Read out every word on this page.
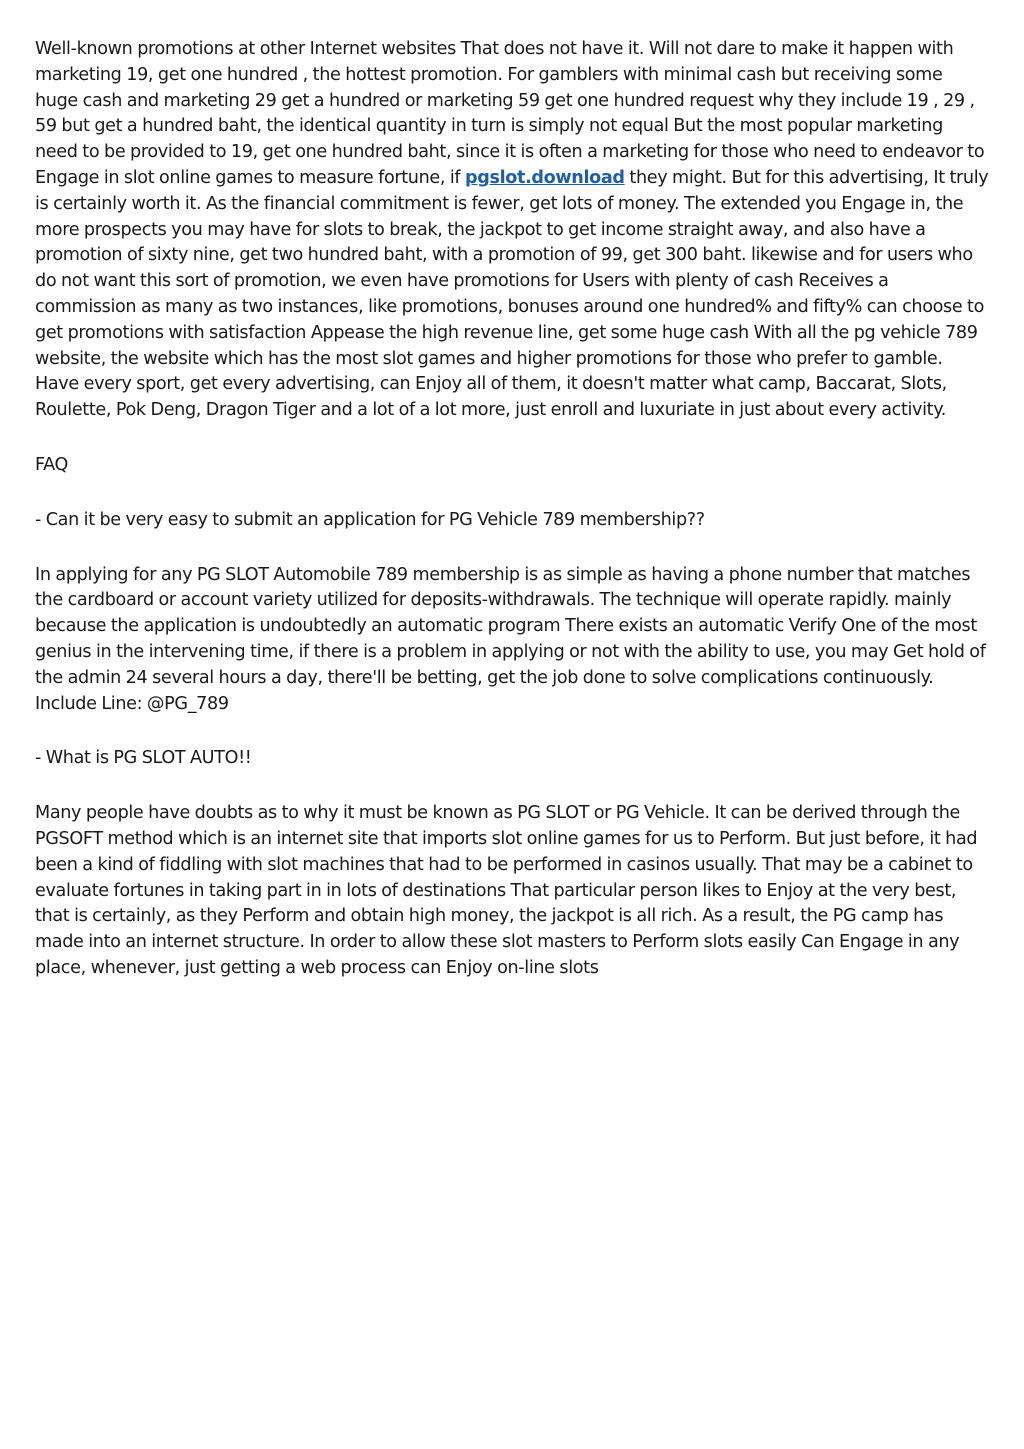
Well-known promotions at other Internet websites That does not have it. Will not dare to make it happen with marketing 19, get one hundred , the hottest promotion. For gamblers with minimal cash but receiving some huge cash and marketing 29 get a hundred or marketing 59 get one hundred request why they include 19 , 29 , 59 but get a hundred baht, the identical quantity in turn is simply not equal But the most popular marketing need to be provided to 19, get one hundred baht, since it is often a marketing for those who need to endeavor to Engage in slot online games to measure fortune, if pgslot.download they might. But for this advertising, It truly is certainly worth it. As the financial commitment is fewer, get lots of money. The extended you Engage in, the more prospects you may have for slots to break, the jackpot to get income straight away, and also have a promotion of sixty nine, get two hundred baht, with a promotion of 99, get 300 baht. likewise and for users who do not want this sort of promotion, we even have promotions for Users with plenty of cash Receives a commission as many as two instances, like promotions, bonuses around one hundred% and fifty% can choose to get promotions with satisfaction Appease the high revenue line, get some huge cash With all the pg vehicle 789 website, the website which has the most slot games and higher promotions for those who prefer to gamble. Have every sport, get every advertising, can Enjoy all of them, it doesn't matter what camp, Baccarat, Slots, Roulette, Pok Deng, Dragon Tiger and a lot of a lot more, just enroll and luxuriate in just about every activity.

FAQ

- Can it be very easy to submit an application for PG Vehicle 789 membership??

In applying for any PG SLOT Automobile 789 membership is as simple as having a phone number that matches the cardboard or account variety utilized for deposits-withdrawals. The technique will operate rapidly. mainly because the application is undoubtedly an automatic program There exists an automatic Verify One of the most genius in the intervening time, if there is a problem in applying or not with the ability to use, you may Get hold of the admin 24 several hours a day, there'll be betting, get the job done to solve complications continuously.
Include Line: @PG_789

- What is PG SLOT AUTO!!

Many people have doubts as to why it must be known as PG SLOT or PG Vehicle. It can be derived through the PGSOFT method which is an internet site that imports slot online games for us to Perform. But just before, it had been a kind of fiddling with slot machines that had to be performed in casinos usually. That may be a cabinet to evaluate fortunes in taking part in in lots of destinations That particular person likes to Enjoy at the very best, that is certainly, as they Perform and obtain high money, the jackpot is all rich. As a result, the PG camp has made into an internet structure. In order to allow these slot masters to Perform slots easily Can Engage in any place, whenever, just getting a web process can Enjoy on-line slots
